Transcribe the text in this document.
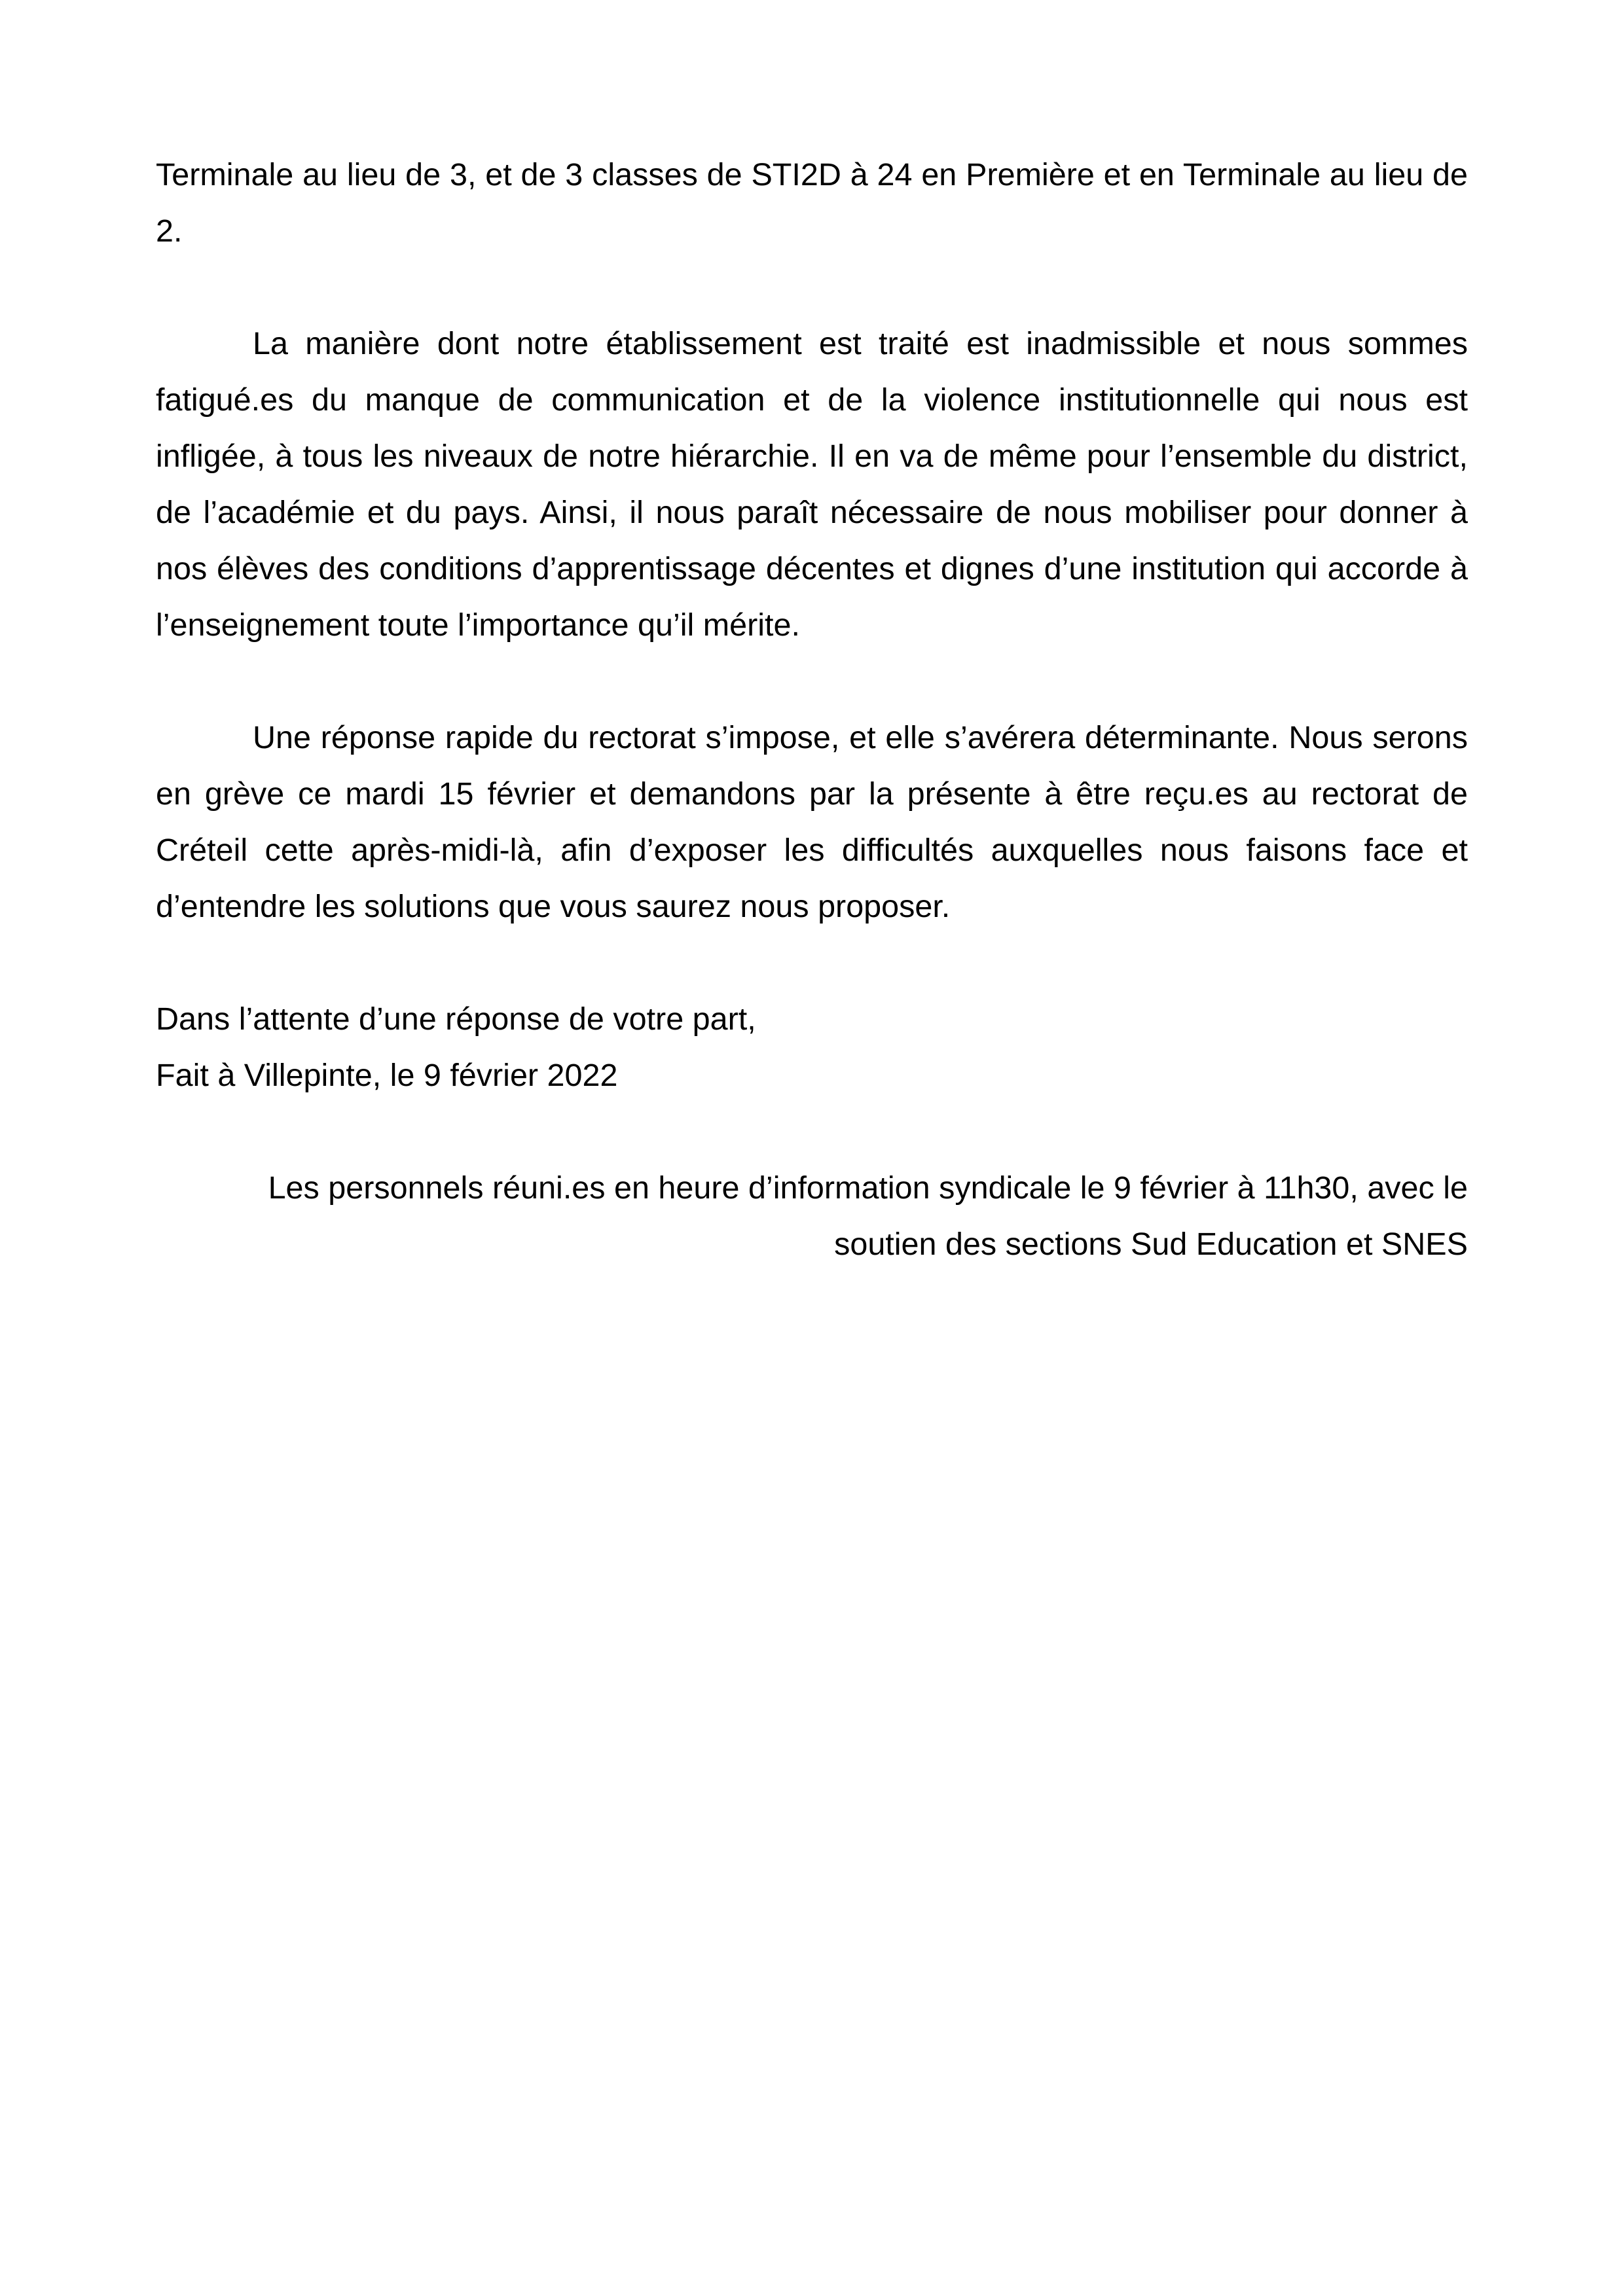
Terminale au lieu de 3, et de 3 classes de STI2D à 24 en Première et en Terminale au lieu de 2.

La manière dont notre établissement est traité est inadmissible et nous sommes fatigué.es du manque de communication et de la violence institutionnelle qui nous est infligée, à tous les niveaux de notre hiérarchie. Il en va de même pour l’ensemble du district, de l’académie et du pays. Ainsi, il nous paraît nécessaire de nous mobiliser pour donner à nos élèves des conditions d’apprentissage décentes et dignes d’une institution qui accorde à l’enseignement toute l’importance qu’il mérite.

Une réponse rapide du rectorat s’impose, et elle s’avérera déterminante. Nous serons en grève ce mardi 15 février et demandons par la présente à être reçu.es au rectorat de Créteil cette après-midi-là, afin d’exposer les difficultés auxquelles nous faisons face et d’entendre les solutions que vous saurez nous proposer.

Dans l’attente d’une réponse de votre part,

Fait à Villepinte, le 9 février 2022

Les personnels réuni.es en heure d’information syndicale le 9 février à 11h30, avec le

soutien des sections Sud Education et SNES
